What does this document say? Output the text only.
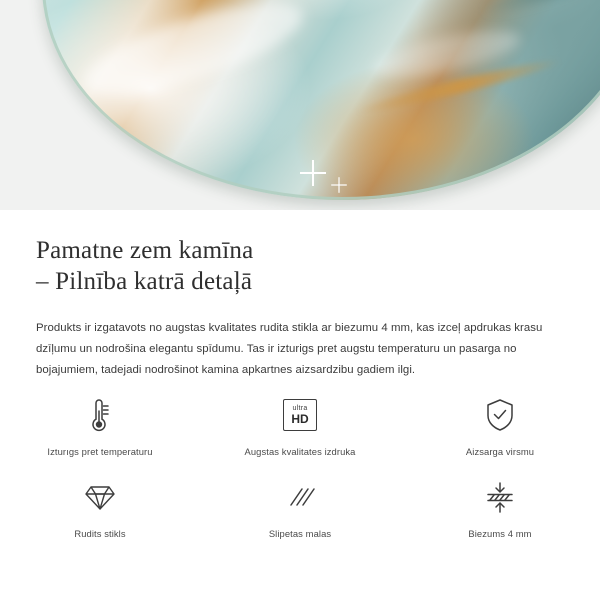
Pamatne zem kamīna
– Pilnība katrā detaļā

Produkts ir izgatavots no augstas kvalitates rudita stikla ar biezumu 4 mm, kas izceļ apdrukas krasu dzīļumu un nodrošina elegantu spīdumu. Tas ir izturigs pret augstu temperaturu un pasarga no bojajumiem, tadejadi nodrošinot kamina apkartnes aizsardzibu gadiem ilgi.

Izturıgs pret temperaturu
ultra
HD
Augstas kvalitates izdruka	Aizsarga virsmu
Rudits stikls	Slipetas malas	Biezums 4 mm
